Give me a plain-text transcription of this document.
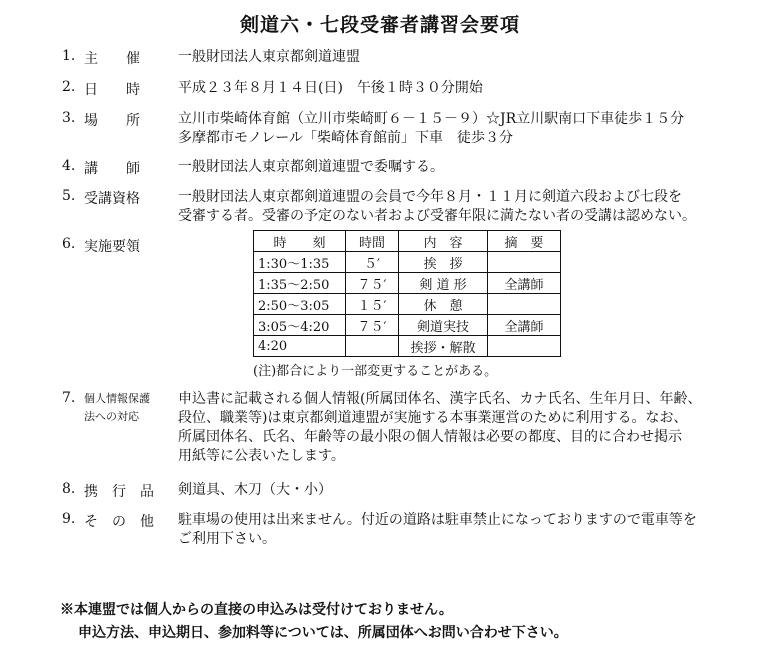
剣道六・七段受審者講習会要項
1. 主　　催	一般財団法人東京都剣道連盟
2. 日　　時	平成２３年８月１４日(日)　午後１時３０分開始
3. 場　　所	立川市柴崎体育館（立川市柴崎町６－１５－９）☆JR立川駅南口下車徒歩１５分
多摩都市モノレール「柴崎体育館前」下車　徒歩３分
4. 講　　師	一般財団法人東京都剣道連盟で委嘱する。
5. 受講資格	一般財団法人東京都剣道連盟の会員で今年８月・１１月に剣道六段および七段を
受審する者。受審の予定のない者および受審年限に満たない者の受講は認めない。
6. 実施要領	時　　刻	時間	内　容	摘　要
1:30～1:35	５′	挨　拶	
1:35～2:50	７５′	剣 道 形	全講師
2:50～3:05	１５′	休　憩	
3:05～4:20	７５′	剣道実技	全講師
4:20		挨拶・解散	
(注)都合により一部変更することがある。
7. 個人情報保護
法への対応
申込書に記載される個人情報(所属団体名、漢字氏名、カナ氏名、生年月日、年齢、
段位、職業等)は東京都剣道連盟が実施する本事業運営のために利用する。なお、
所属団体名、氏名、年齢等の最小限の個人情報は必要の都度、目的に合わせ掲示
用紙等に公表いたします。
8. 携　行　品	剣道具、木刀（大・小）
9. そ　の　他	駐車場の使用は出来ません。付近の道路は駐車禁止になっておりますので電車等を
ご利用下さい。
※本連盟では個人からの直接の申込みは受付けておりません。
申込方法、申込期日、参加料等については、所属団体へお問い合わせ下さい。
